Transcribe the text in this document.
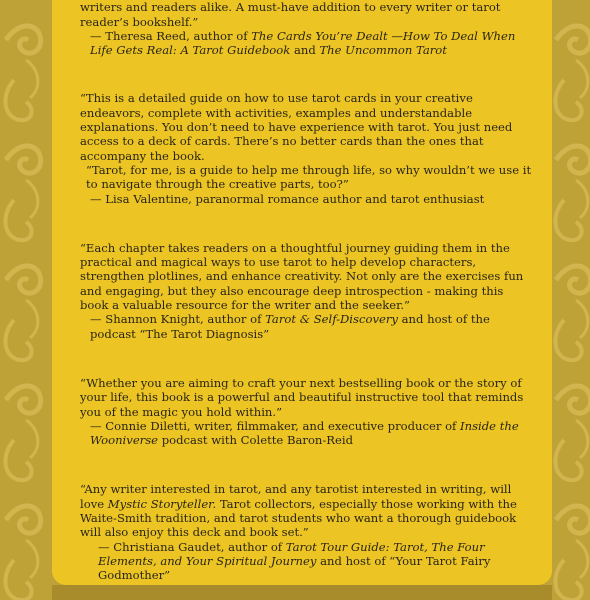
writers and readers alike. A must-have addition to every writer or tarot reader’s bookshelf.”

— Theresa Reed, author of The Cards You’re Dealt —How To Deal When Life Gets Real: A Tarot Guidebook and The Uncommon Tarot

“This is a detailed guide on how to use tarot cards in your creative endeavors, complete with activities, examples and understandable explanations. You don’t need to have experience with tarot. You just need access to a deck of cards. There’s no better cards than the ones that accompany the book.

“Tarot, for me, is a guide to help me through life, so why wouldn’t we use it to navigate through the creative parts, too?”

— Lisa Valentine, paranormal romance author and tarot enthusiast

“Each chapter takes readers on a thoughtful journey guiding them in the practical and magical ways to use tarot to help develop characters, strengthen plotlines, and enhance creativity. Not only are the exercises fun and engaging, but they also encourage deep introspection - making this book a valuable resource for the writer and the seeker.”

— Shannon Knight, author of Tarot & Self-Discovery and host of the podcast “The Tarot Diagnosis”

“Whether you are aiming to craft your next bestselling book or the story of your life, this book is a powerful and beautiful instructive tool that reminds you of the magic you hold within.”

— Connie Diletti, writer, filmmaker, and executive producer of Inside the Wooniverse podcast with Colette Baron-Reid

“Any writer interested in tarot, and any tarotist interested in writing, will love Mystic Storyteller. Tarot collectors, especially those working with the Waite-Smith tradition, and tarot students who want a thorough guidebook will also enjoy this deck and book set.”

— Christiana Gaudet, author of Tarot Tour Guide: Tarot, The Four Elements, and Your Spiritual Journey and host of “Your Tarot Fairy Godmother”
